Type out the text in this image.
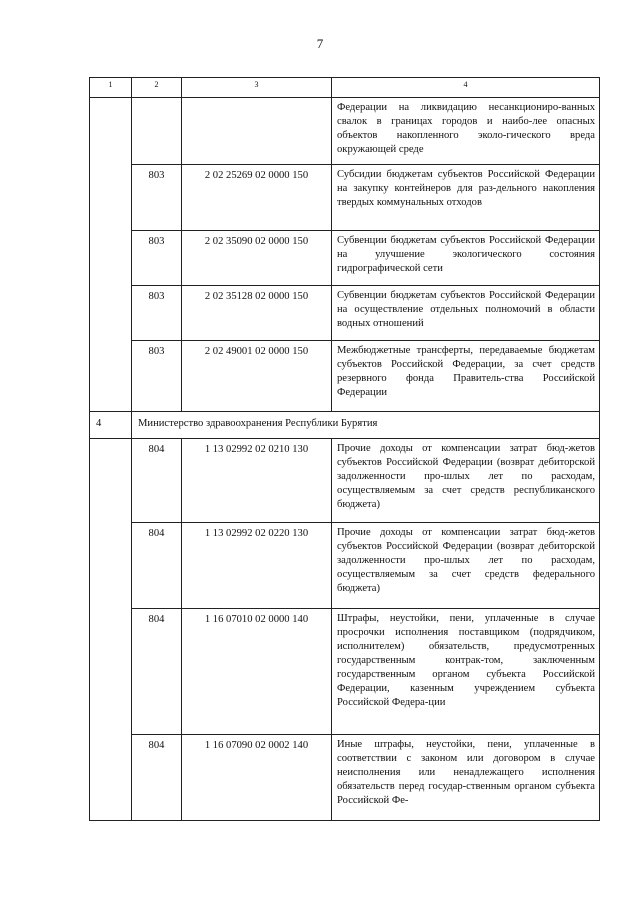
7
1	2	3	4
			Федерации на ликвидацию несанкциониро-ванных свалок в границах городов и наибо-лее опасных объектов накопленного эколо-гического вреда окружающей среде
	803	2 02 25269 02 0000 150	Субсидии бюджетам субъектов Российской Федерации на закупку контейнеров для раз-дельного накопления твердых коммунальных отходов
	803	2 02 35090 02 0000 150	Субвенции бюджетам субъектов Российской Федерации на улучшение экологического состояния гидрографической сети
	803	2 02 35128 02 0000 150	Субвенции бюджетам субъектов Российской Федерации на осуществление отдельных полномочий в области водных отношений
	803	2 02 49001 02 0000 150	Межбюджетные трансферты, передаваемые бюджетам субъектов Российской Федерации, за счет средств резервного фонда Правитель-ства Российской Федерации
4	Министерство здравоохранения Республики Бурятия		
	804	1 13 02992 02 0210 130	Прочие доходы от компенсации затрат бюд-жетов субъектов Российской Федерации (возврат дебиторской задолженности про-шлых лет по расходам, осуществляемым за счет средств республиканского бюджета)
	804	1 13 02992 02 0220 130	Прочие доходы от компенсации затрат бюд-жетов субъектов Российской Федерации (возврат дебиторской задолженности про-шлых лет по расходам, осуществляемым за счет средств федерального бюджета)
	804	1 16 07010 02 0000 140	Штрафы, неустойки, пени, уплаченные в случае просрочки исполнения поставщиком (подрядчиком, исполнителем) обязательств, предусмотренных государственным контрак-том, заключенным государственным органом субъекта Российской Федерации, казенным учреждением субъекта Российской Федера-ции
	804	1 16 07090 02 0002 140	Иные штрафы, неустойки, пени, уплаченные в соответствии с законом или договором в случае неисполнения или ненадлежащего исполнения обязательств перед государ-ственным органом субъекта Российской Фе-
